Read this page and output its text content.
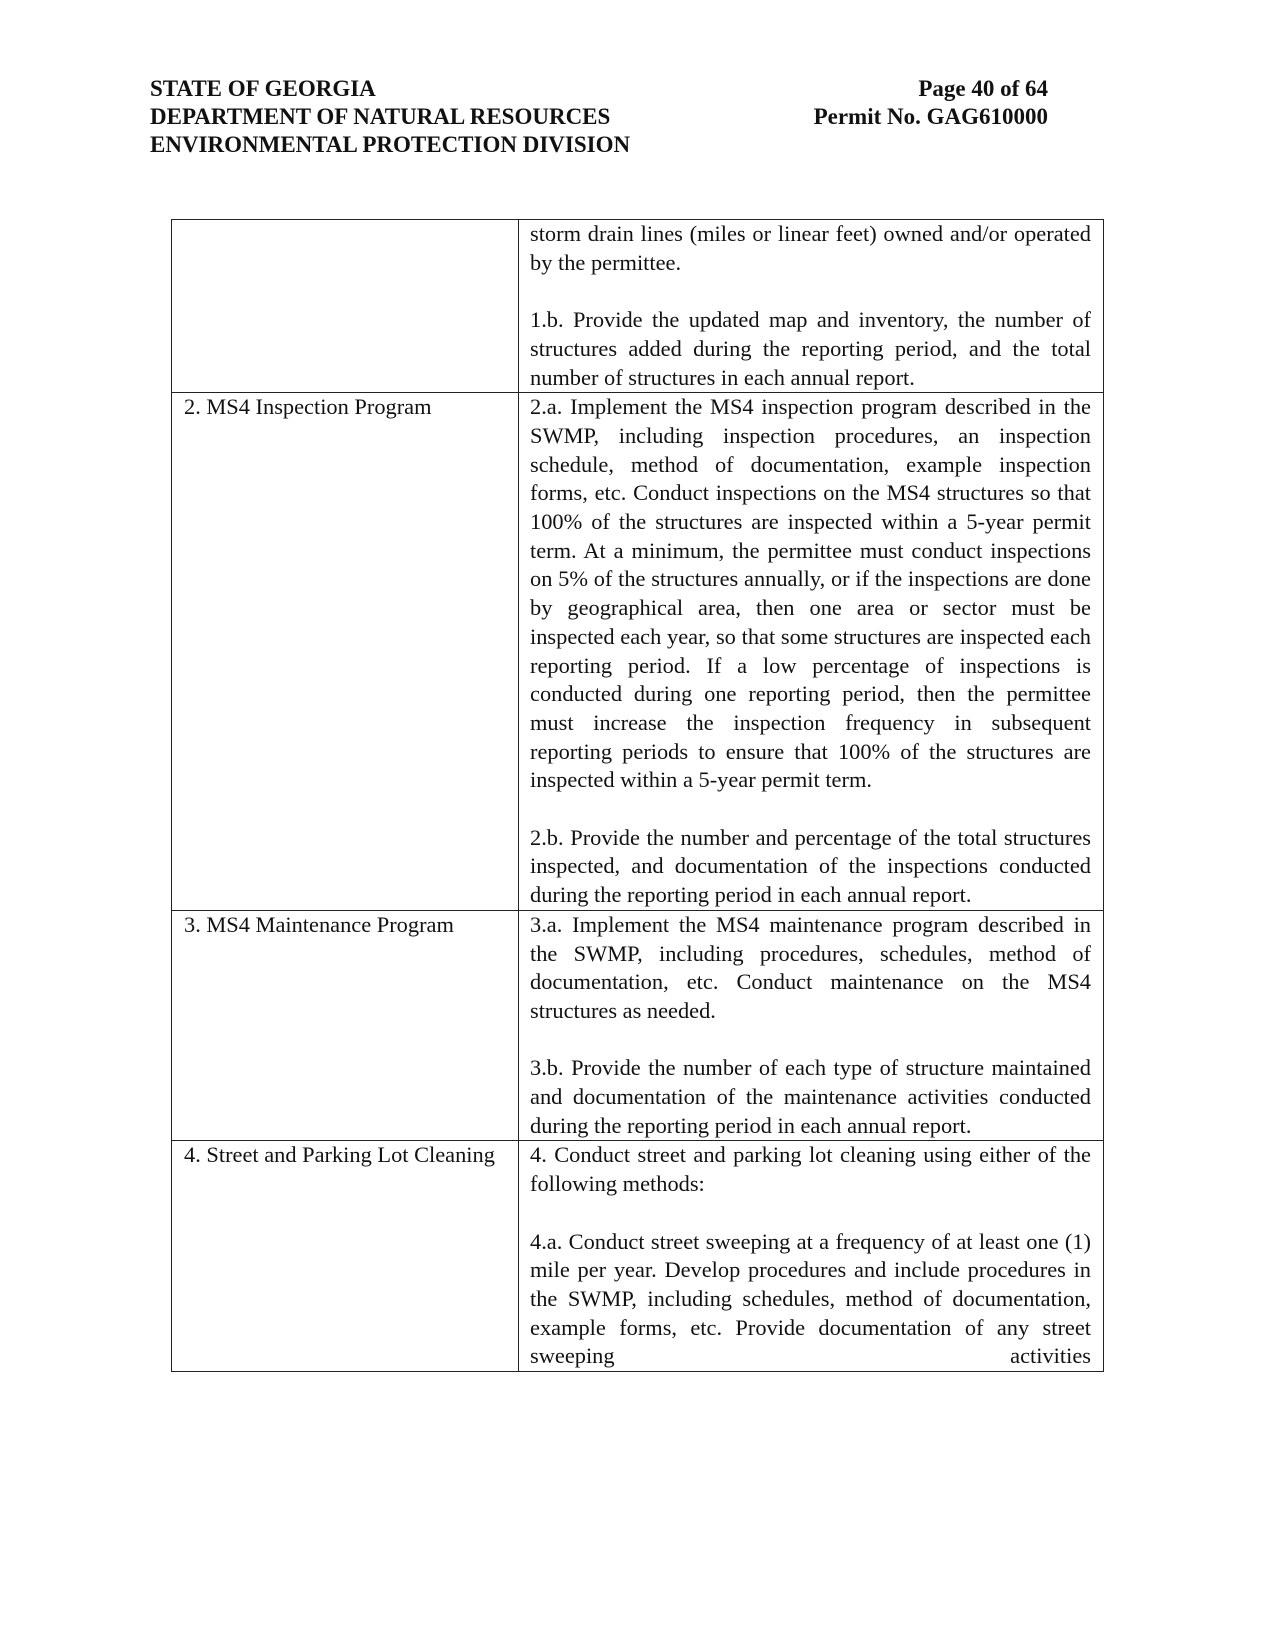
STATE OF GEORGIA
DEPARTMENT OF NATURAL RESOURCES
ENVIRONMENTAL PROTECTION DIVISION
Page 40 of 64
Permit No. GAG610000

	storm drain lines (miles or linear feet) owned and/or operated by the permittee.

1.b. Provide the updated map and inventory, the number of structures added during the reporting period, and the total number of structures in each annual report.

2. MS4 Inspection Program	2.a. Implement the MS4 inspection program described in the SWMP, including inspection procedures, an inspection schedule, method of documentation, example inspection forms, etc. Conduct inspections on the MS4 structures so that 100% of the structures are inspected within a 5-year permit term. At a minimum, the permittee must conduct inspections on 5% of the structures annually, or if the inspections are done by geographical area, then one area or sector must be inspected each year, so that some structures are inspected each reporting period. If a low percentage of inspections is conducted during one reporting period, then the permittee must increase the inspection frequency in subsequent reporting periods to ensure that 100% of the structures are inspected within a 5-year permit term.

2.b. Provide the number and percentage of the total structures inspected, and documentation of the inspections conducted during the reporting period in each annual report.

3. MS4 Maintenance Program	3.a. Implement the MS4 maintenance program described in the SWMP, including procedures, schedules, method of documentation, etc. Conduct maintenance on the MS4 structures as needed.

3.b. Provide the number of each type of structure maintained and documentation of the maintenance activities conducted during the reporting period in each annual report.

4. Street and Parking Lot Cleaning	4. Conduct street and parking lot cleaning using either of the following methods:

4.a. Conduct street sweeping at a frequency of at least one (1) mile per year. Develop procedures and include procedures in the SWMP, including schedules, method of documentation, example forms, etc. Provide documentation of any street sweeping activities
